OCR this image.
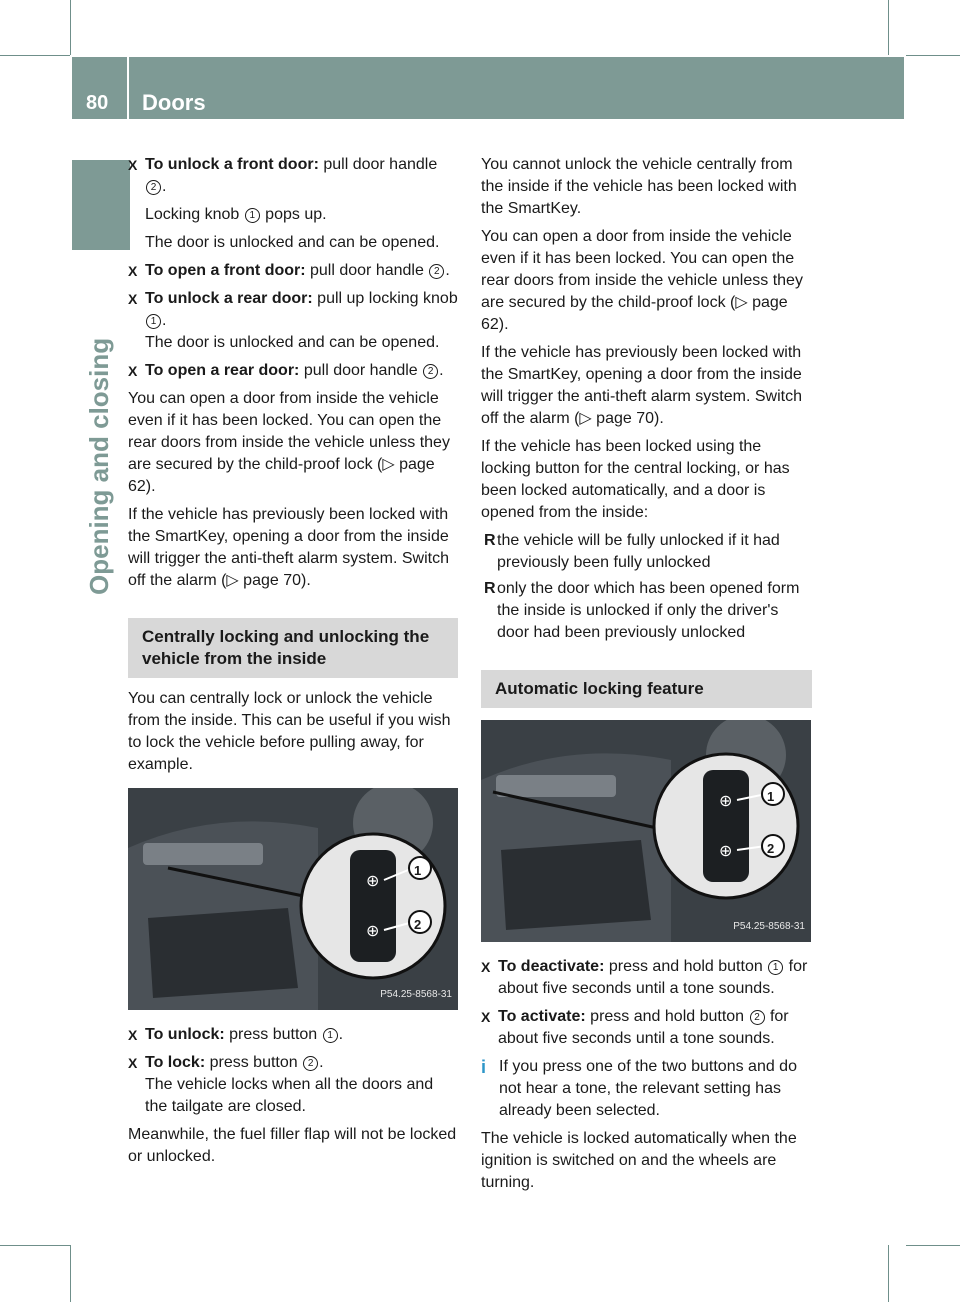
80 Doors
Opening and closing
X To unlock a front door: pull door handle 2 .
Locking knob 1 pops up.
The door is unlocked and can be opened.
X To open a front door: pull door handle 2 .
X To unlock a rear door: pull up locking knob 1 .
The door is unlocked and can be opened.
X To open a rear door: pull door handle 2 .

You can open a door from inside the vehicle even if it has been locked. You can open the rear doors from inside the vehicle unless they are secured by the child-proof lock (▷ page 62).

If the vehicle has previously been locked with the SmartKey, opening a door from the inside will trigger the anti-theft alarm system. Switch off the alarm (▷ page 70).

Centrally locking and unlocking the vehicle from the inside

You can centrally lock or unlock the vehicle from the inside. This can be useful if you wish to lock the vehicle before pulling away, for example.

⊕
⊕
1
2
P54.25-8568-31
X To unlock: press button 1 .
X To lock: press button 2 .
The vehicle locks when all the doors and the tailgate are closed.

Meanwhile, the fuel filler flap will not be locked or unlocked.

You cannot unlock the vehicle centrally from the inside if the vehicle has been locked with the SmartKey.

You can open a door from inside the vehicle even if it has been locked. You can open the rear doors from inside the vehicle unless they are secured by the child-proof lock (▷ page 62).

If the vehicle has previously been locked with the SmartKey, opening a door from the inside will trigger the anti-theft alarm system. Switch off the alarm (▷ page 70).

If the vehicle has been locked using the locking button for the central locking, or has been locked automatically, and a door is opened from the inside:

R the vehicle will be fully unlocked if it had previously been fully unlocked
R only the door which has been opened form the inside is unlocked if only the driver's door had been previously unlocked
Automatic locking feature
⊕
⊕
1
2
P54.25-8568-31
X To deactivate: press and hold button 1 for about five seconds until a tone sounds.
X To activate: press and hold button 2 for about five seconds until a tone sounds.
i If you press one of the two buttons and do not hear a tone, the relevant setting has already been selected.

The vehicle is locked automatically when the ignition is switched on and the wheels are turning.
